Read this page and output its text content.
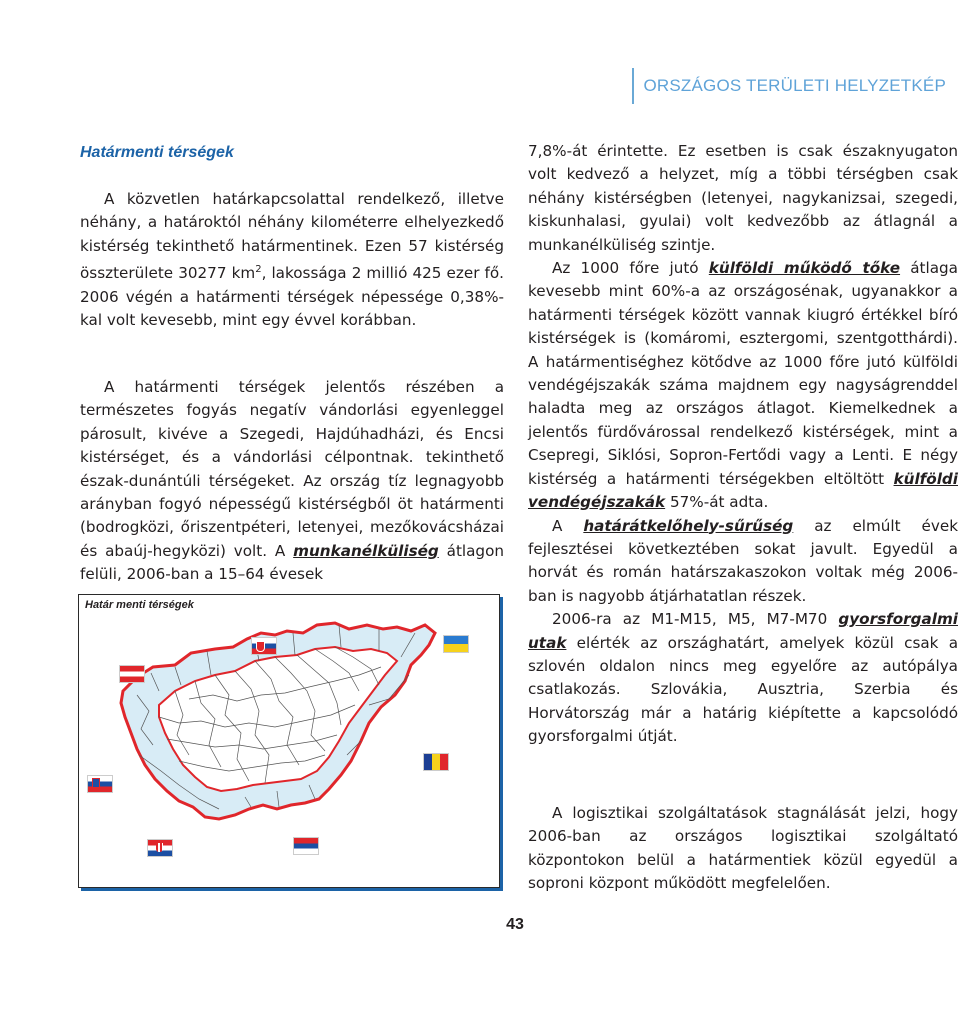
ORSZÁGOS TERÜLETI HELYZETKÉP
Határmenti térségek

A közvetlen határkapcsolattal rendelkező, illetve néhány, a határoktól néhány kilométerre elhelyezkedő kistérség tekinthető határmentinek. Ezen 57 kistérség összterülete 30277 $km^2$, lakossága 2 millió 425 ezer fő. 2006 végén a határmenti térségek népessége 0,38%-kal volt kevesebb, mint egy évvel korábban.

A határmenti térségek jelentős részében a természetes fogyás negatív vándorlási egyenleggel párosult, kivéve a Szegedi, Hajdúhadházi, és Encsi kistérséget, és a vándorlási célpontnak. tekinthető észak-dunántúli térségeket. Az ország tíz legnagyobb arányban fogyó népességű kistérségből öt határmenti (bodrogközi, őriszentpéteri, letenyei, mezőkovácsházai és abaúj-hegyközi) volt. A munkanélküliség átlagon felüli, 2006-ban a 15–64 évesek

Határ menti térségek

7,8%-át érintette. Ez esetben is csak északnyugaton volt kedvező a helyzet, míg a többi térségben csak néhány kistérségben (letenyei, nagykanizsai, szegedi, kiskunhalasi, gyulai) volt kedvezőbb az átlagnál a munkanélküliség szintje.

Az 1000 főre jutó külföldi működő tőke átlaga kevesebb mint 60%-a az országosénak, ugyanakkor a határmenti térségek között vannak kiugró értékkel bíró kistérségek is (komáromi, esztergomi, szentgotthárdi). A határmentiséghez kötődve az 1000 főre jutó külföldi vendégéjszakák száma majdnem egy nagyságrenddel haladta meg az országos átlagot. Kiemelkednek a jelentős fürdővárossal rendelkező kistérségek, mint a Csepregi, Siklósi, Sopron-Fertődi vagy a Lenti. E négy kistérség a határmenti térségekben eltöltött külföldi vendégéjszakák 57%-át adta.

A határátkelőhely-sűrűség az elmúlt évek fejlesztései következtében sokat javult. Egyedül a horvát és román határszakaszokon voltak még 2006-ban is nagyobb átjárhatatlan részek.

2006-ra az M1-M15, M5, M7-M70 gyorsforgalmi utak elérték az országhatárt, amelyek közül csak a szlovén oldalon nincs meg egyelőre az autópálya csatlakozás. Szlovákia, Ausztria, Szerbia és Horvátország már a határig kiépítette a kapcsolódó gyorsforgalmi útját.

A logisztikai szolgáltatások stagnálását jelzi, hogy 2006-ban az országos logisztikai szolgáltató központokon belül a határmentiek közül egyedül a soproni központ működött megfelelően.

43
